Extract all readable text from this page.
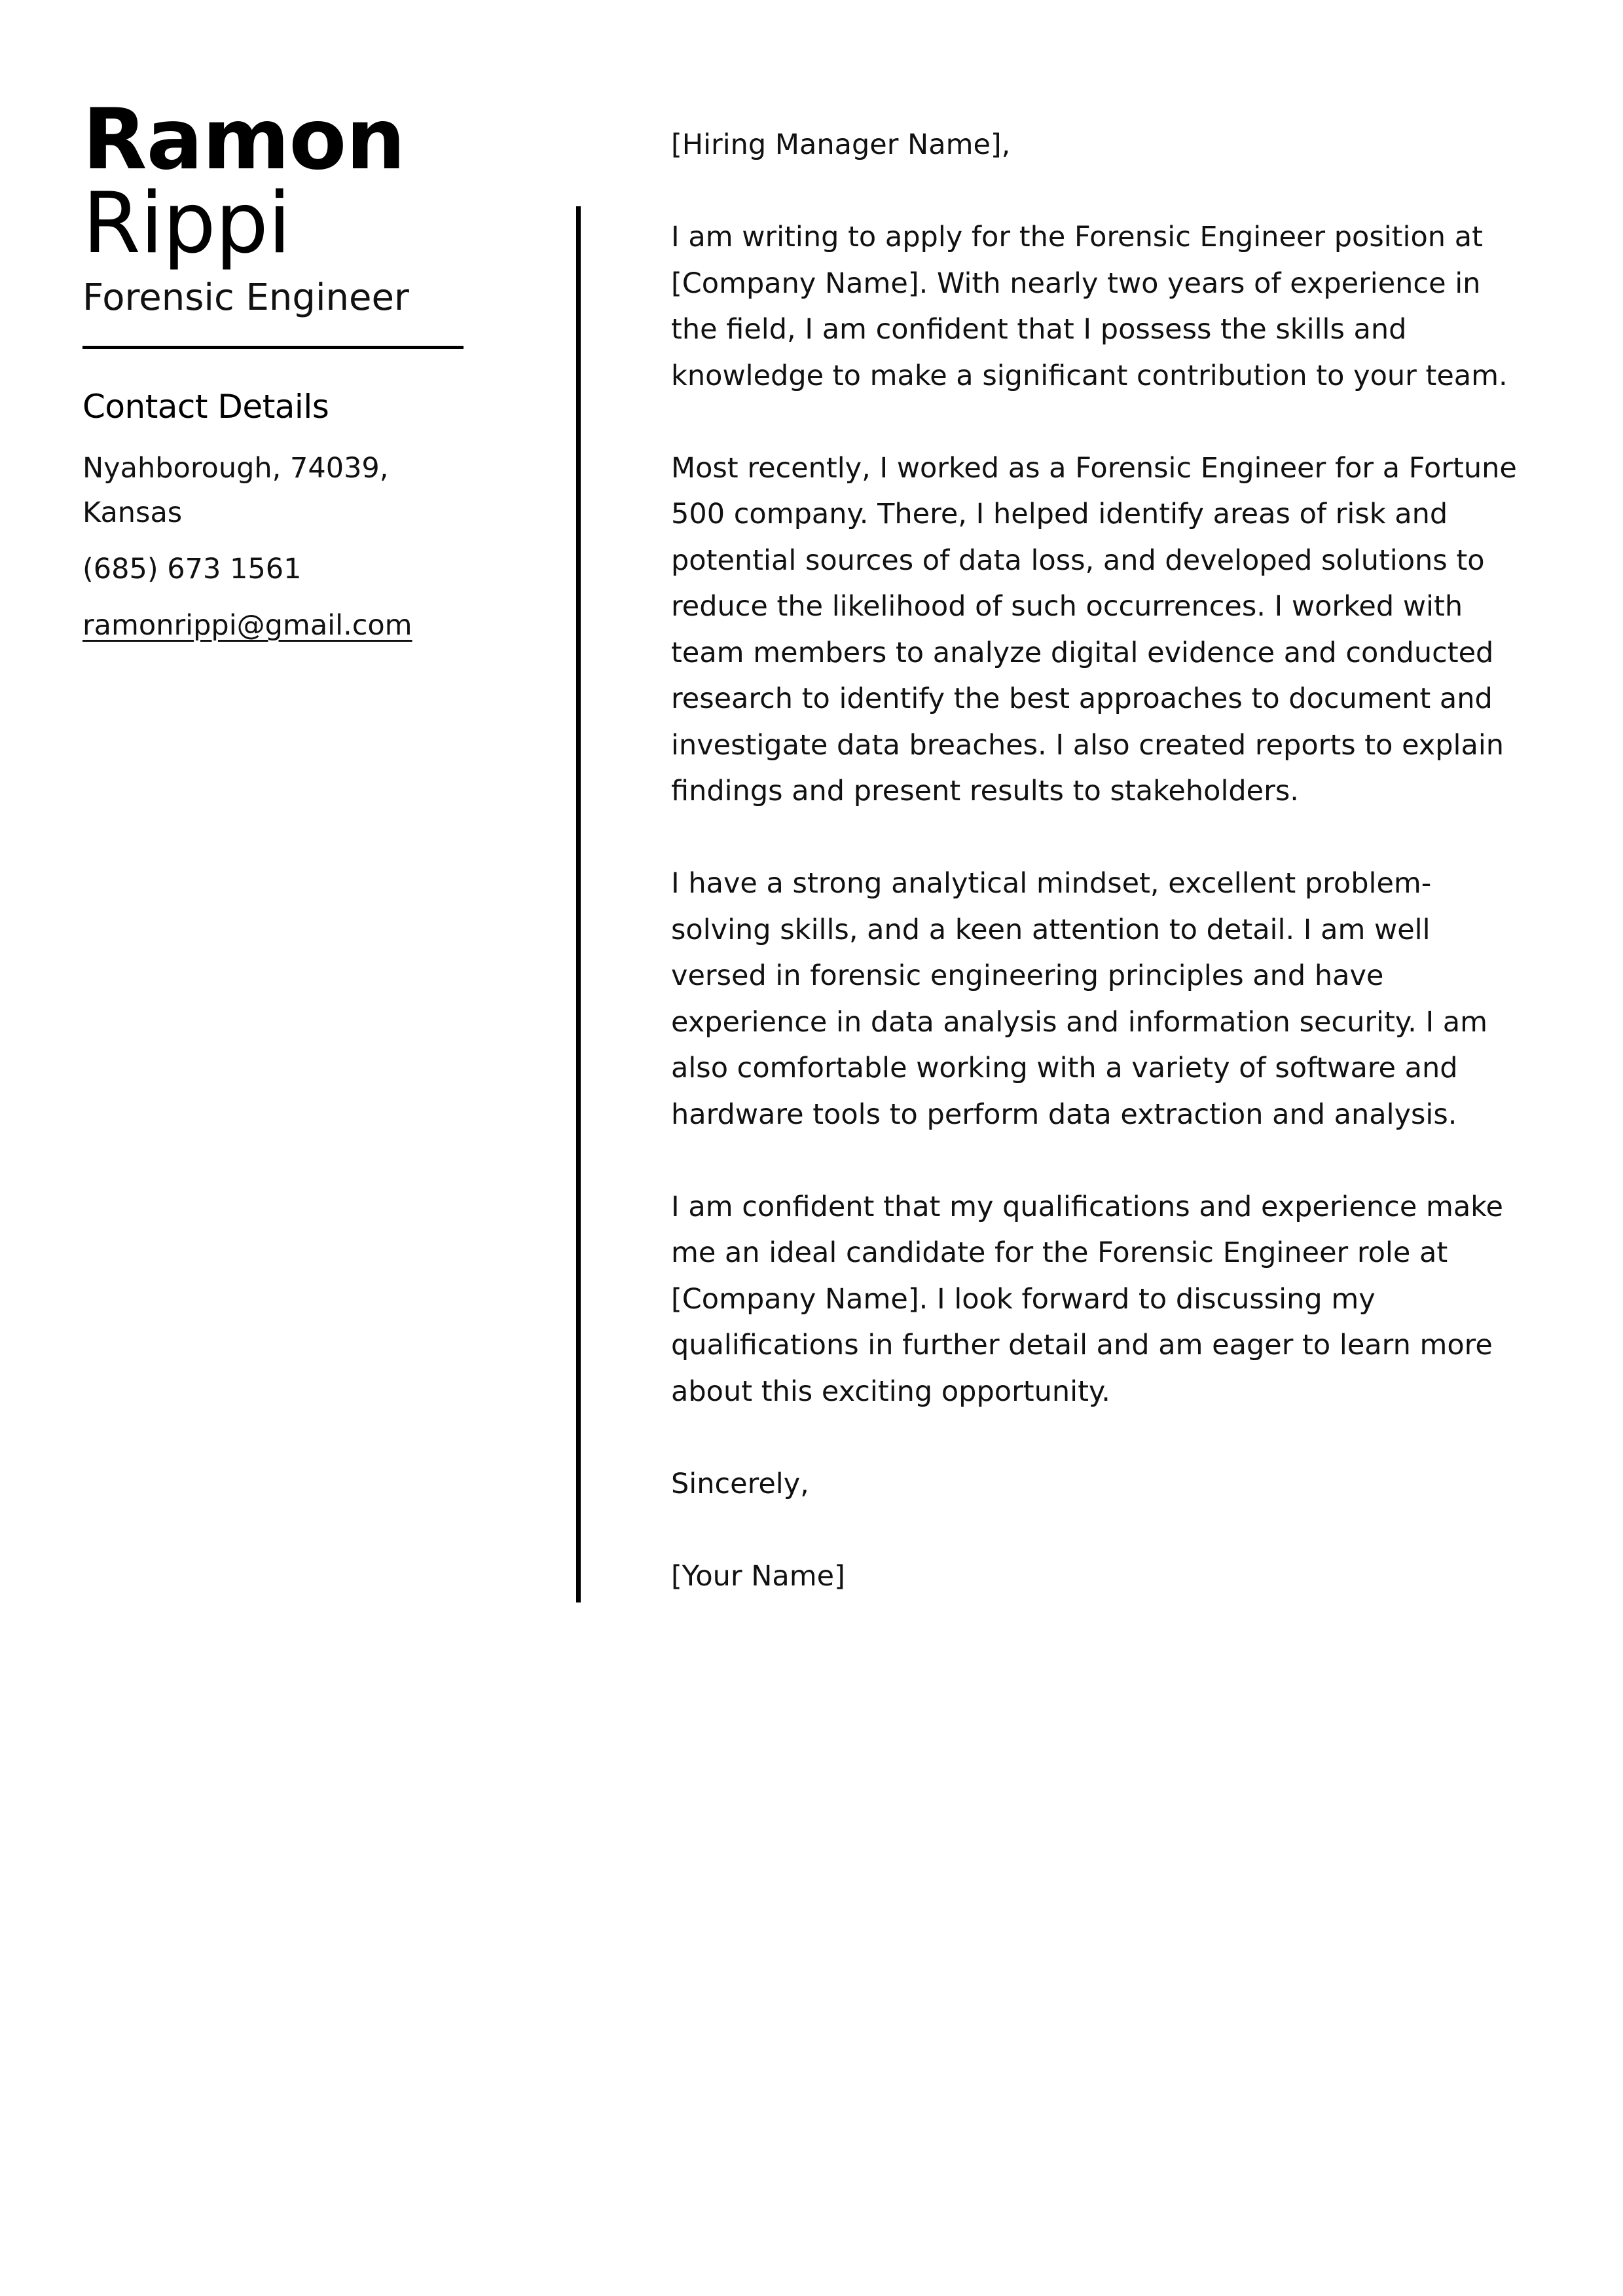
Ramon
Rippi
Forensic Engineer
Contact Details
Nyahborough, 74039, Kansas
(685) 673 1561
ramonrippi@gmail.com

[Hiring Manager Name],

I am writing to apply for the Forensic Engineer position at [Company Name]. With nearly two years of experience in the field, I am confident that I possess the skills and knowledge to make a significant contribution to your team.

Most recently, I worked as a Forensic Engineer for a Fortune 500 company. There, I helped identify areas of risk and potential sources of data loss, and developed solutions to reduce the likelihood of such occurrences. I worked with team members to analyze digital evidence and conducted research to identify the best approaches to document and investigate data breaches. I also created reports to explain findings and present results to stakeholders.

I have a strong analytical mindset, excellent problem-solving skills, and a keen attention to detail. I am well versed in forensic engineering principles and have experience in data analysis and information security. I am also comfortable working with a variety of software and hardware tools to perform data extraction and analysis.

I am confident that my qualifications and experience make me an ideal candidate for the Forensic Engineer role at [Company Name]. I look forward to discussing my qualifications in further detail and am eager to learn more about this exciting opportunity.

Sincerely,

[Your Name]
